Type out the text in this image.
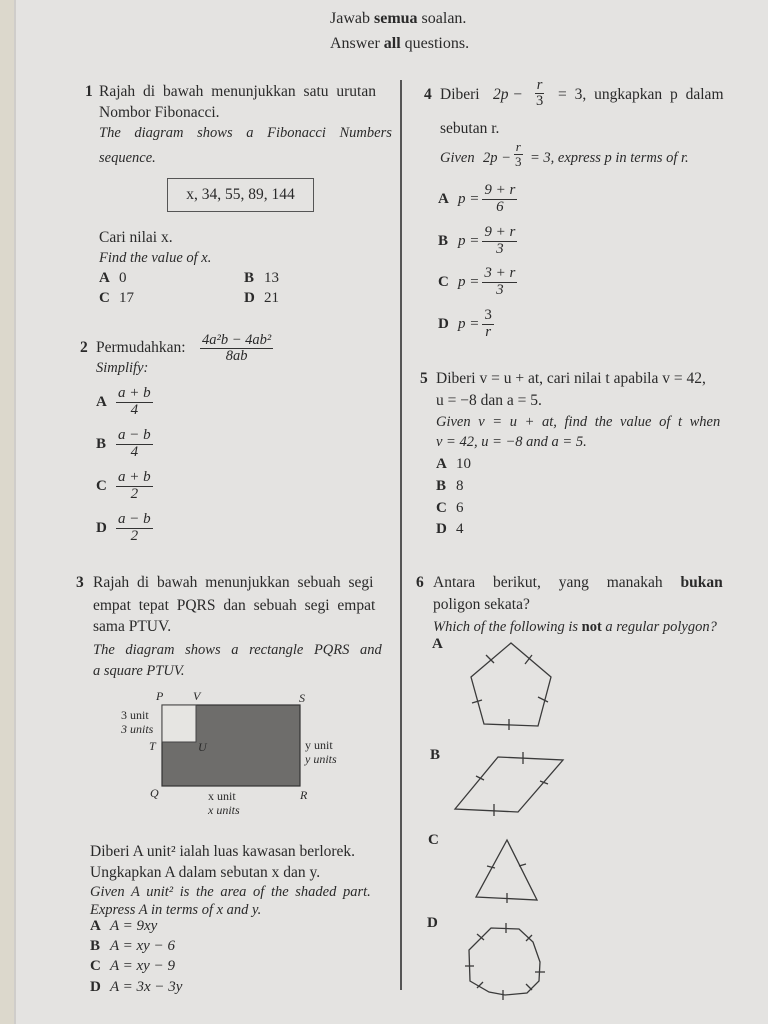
Jawab semua soalan.
Answer all questions.
1 Rajah di bawah menunjukkan satu urutan
Nombor Fibonacci.
The diagram shows a Fibonacci Numbers
sequence.
x, 34, 55, 89, 144
Cari nilai x.
Find the value of x.
A 0	B 13
C 17	D 21
2 Permudahkan:
Simplify:
$\frac{\text{4a²b − 4ab²}}{8ab}$
A $\frac{a + b}{4}$
B $\frac{a - b}{4}$
C $\frac{a + b}{2}$
D $\frac{a - b}{2}$
3 Rajah di bawah menunjukkan sebuah segi
empat tepat PQRS dan sebuah segi empat
sama PTUV.
The diagram shows a rectangle PQRS and
a square PTUV.
P V	S
3 unit
3 units
T	U	y unit
y units
Q	R
x unit
x units
Diberi A unit² ialah luas kawasan berlorek.
Ungkapkan A dalam sebutan x dan y.
Given A unit² is the area of the shaded part.
Express A in terms of x and y.
A A = 9xy
B A = xy − 6
C A = xy − 9
D A = 3x − 3y
4 Diberi $2p - \frac{r}{3} = 3$, ungkapkan p dalam
sebutan r.
Given $2p - \frac{r}{3} = 3$, express p in terms of r.
A $p = \frac{9 + r}{6}$
B $p = \frac{9 + r}{3}$
C $p = \frac{3 + r}{3}$
D $p = \frac{3}{r}$
5 Diberi v = u + at, cari nilai t apabila v = 42,
u = −8 dan a = 5.
Given v = u + at, find the value of t when
v = 42, u = −8 and a = 5.
A 10
B 8
C 6
D 4
6 Antara berikut, yang manakah bukan
poligon sekata?
Which of the following is not a regular polygon?
A
B
C
D
